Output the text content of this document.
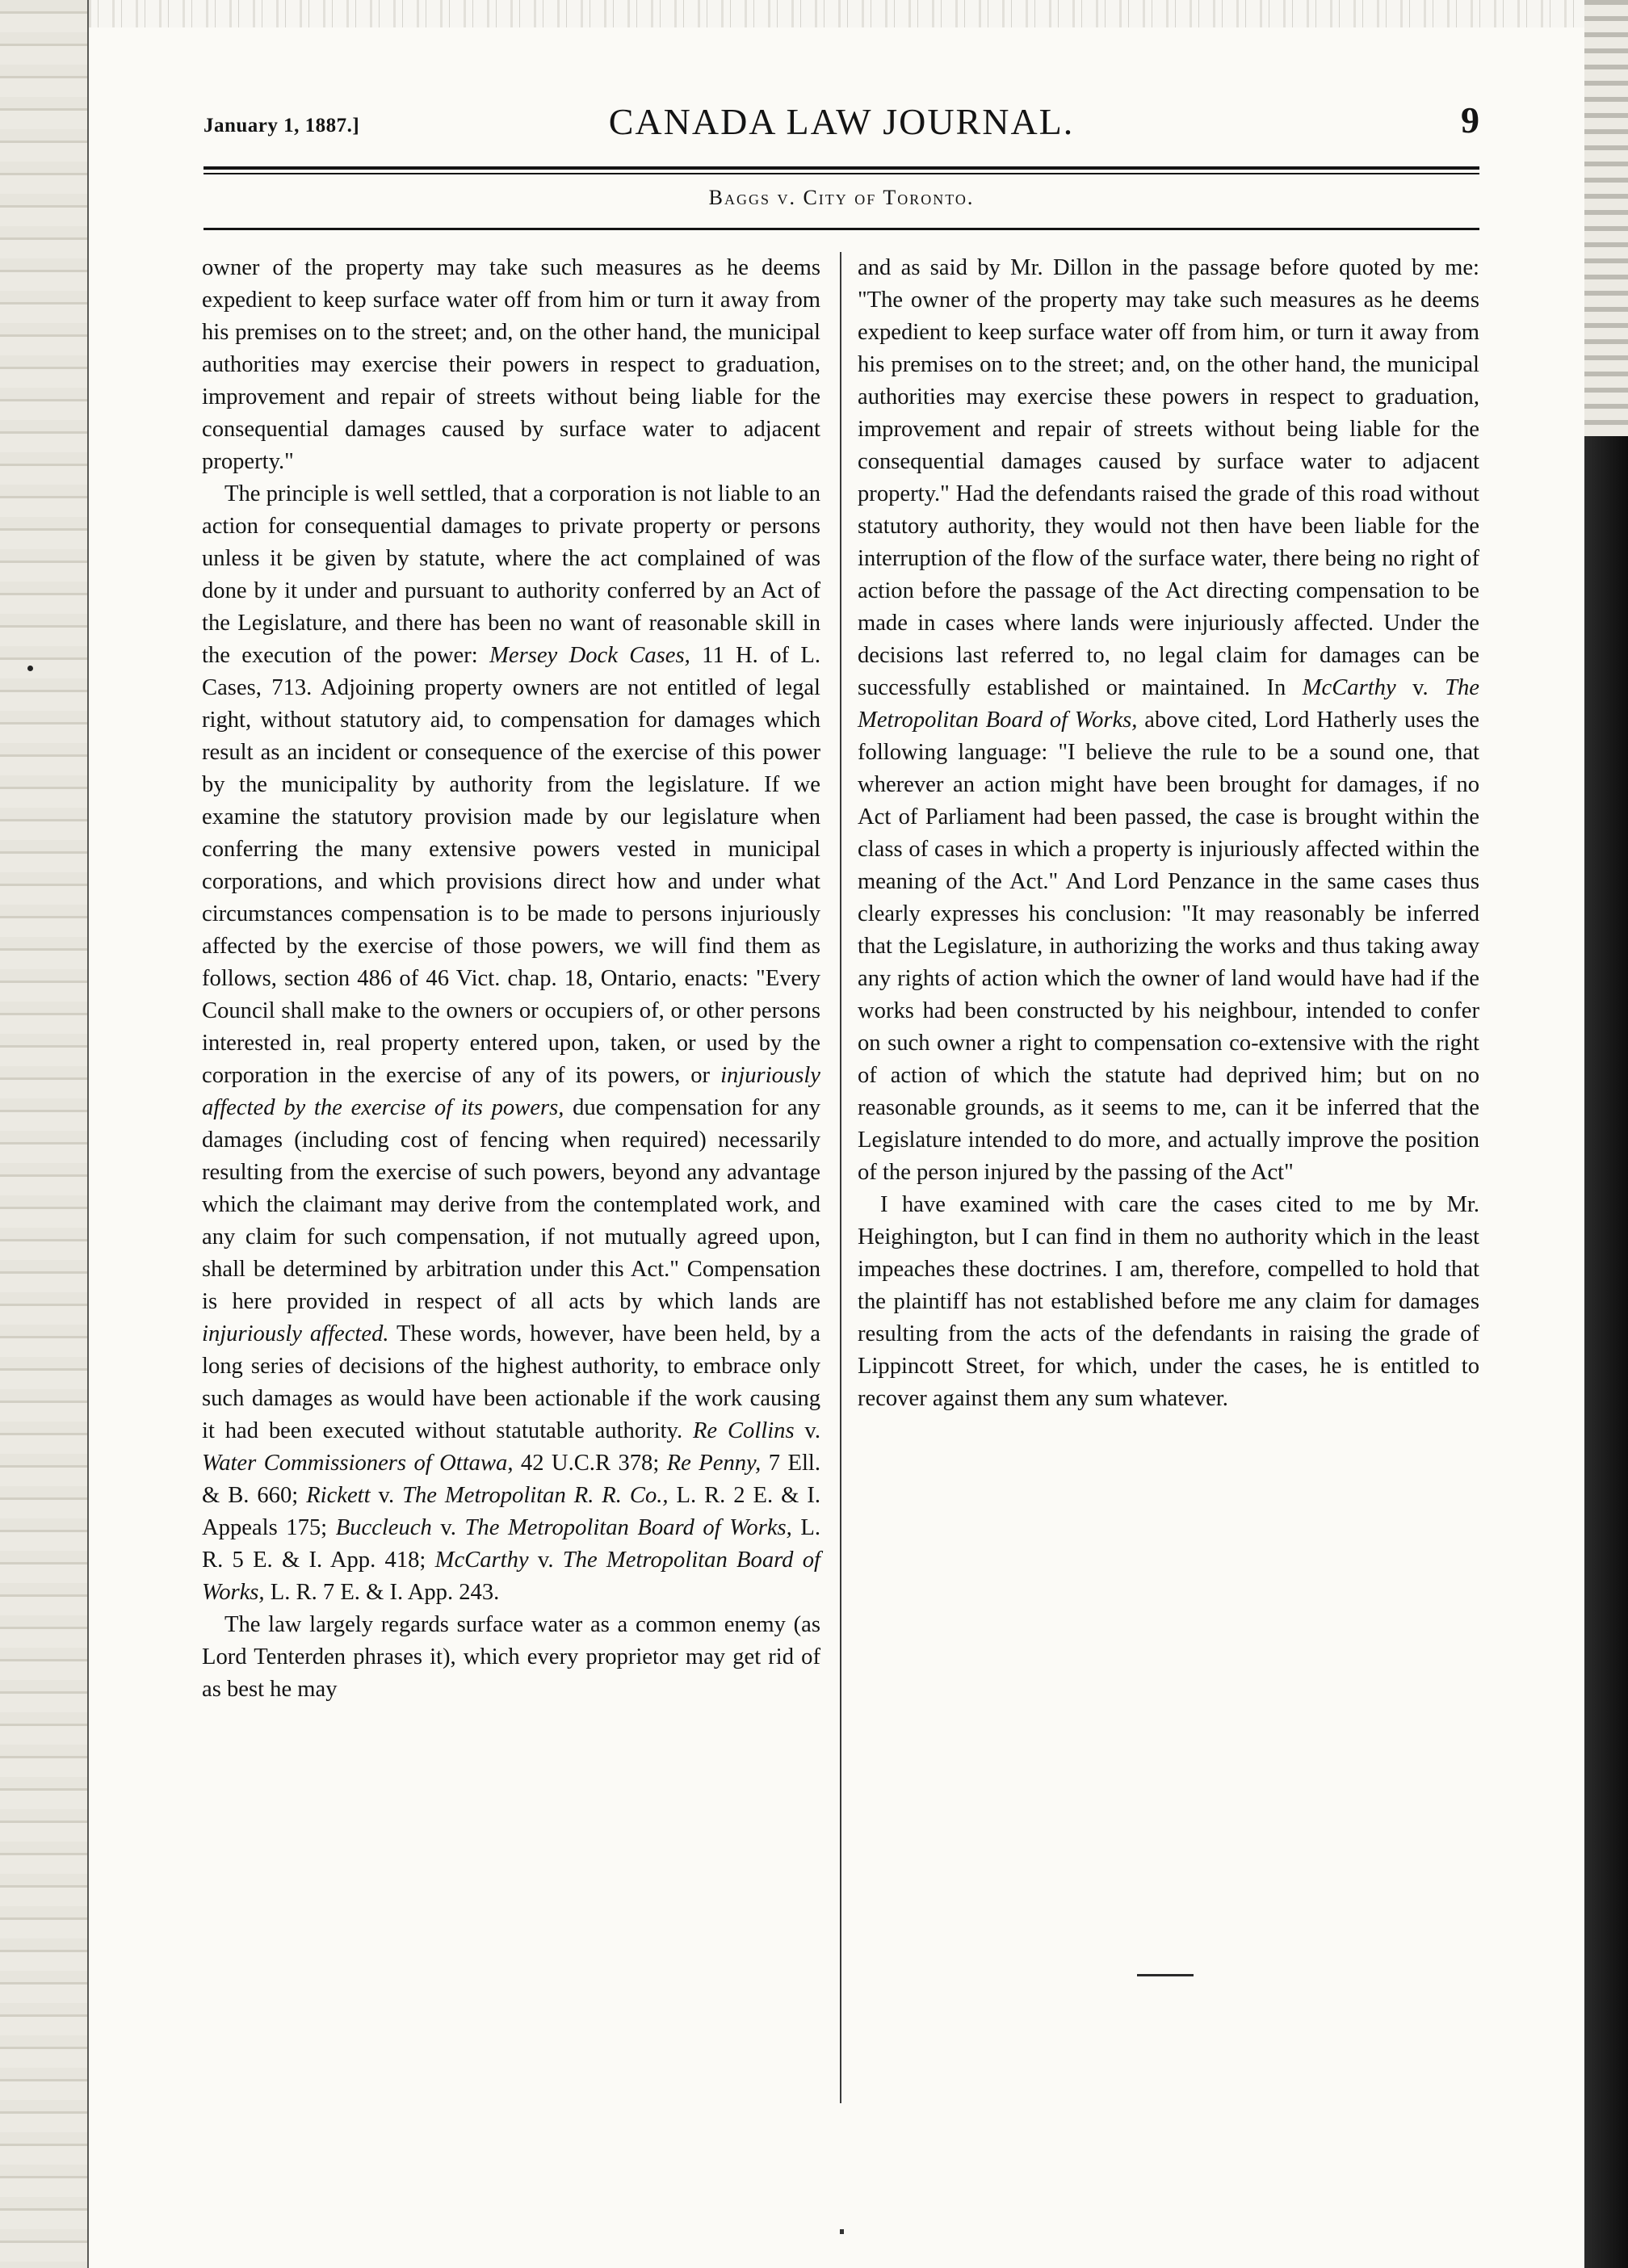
January 1, 1887.]	CANADA LAW JOURNAL.	9
Baggs v. City of Toronto.

owner of the property may take such measures as he deems expedient to keep surface water off from him or turn it away from his premises on to the street; and, on the other hand, the municipal authorities may exercise their powers in respect to graduation, improvement and repair of streets without being liable for the consequential damages caused by surface water to adjacent property."

The principle is well settled, that a corporation is not liable to an action for consequential damages to private property or persons unless it be given by statute, where the act complained of was done by it under and pursuant to authority conferred by an Act of the Legislature, and there has been no want of reasonable skill in the execution of the power: Mersey Dock Cases, 11 H. of L. Cases, 713. Adjoining property owners are not entitled of legal right, without statutory aid, to compensation for damages which result as an incident or consequence of the exercise of this power by the municipality by authority from the legislature. If we examine the statutory provision made by our legislature when conferring the many extensive powers vested in municipal corporations, and which provisions direct how and under what circumstances compensation is to be made to persons injuriously affected by the exercise of those powers, we will find them as follows, section 486 of 46 Vict. chap. 18, Ontario, enacts: "Every Council shall make to the owners or occupiers of, or other persons interested in, real property entered upon, taken, or used by the corporation in the exercise of any of its powers, or injuriously affected by the exercise of its powers, due compensation for any damages (including cost of fencing when required) necessarily resulting from the exercise of such powers, beyond any advantage which the claimant may derive from the contemplated work, and any claim for such compensation, if not mutually agreed upon, shall be determined by arbitration under this Act." Compensation is here provided in respect of all acts by which lands are injuriously affected. These words, however, have been held, by a long series of decisions of the highest authority, to embrace only such damages as would have been actionable if the work causing it had been executed without statutable authority. Re Collins v. Water Commissioners of Ottawa, 42 U.C.R 378; Re Penny, 7 Ell. & B. 660; Rickett v. The Metropolitan R. R. Co., L. R. 2 E. & I. Appeals 175; Buccleuch v. The Metropolitan Board of Works, L. R. 5 E. & I. App. 418; McCarthy v. The Metropolitan Board of Works, L. R. 7 E. & I. App. 243.

The law largely regards surface water as a common enemy (as Lord Tenterden phrases it), which every proprietor may get rid of as best he may

and as said by Mr. Dillon in the passage before quoted by me: "The owner of the property may take such measures as he deems expedient to keep surface water off from him, or turn it away from his premises on to the street; and, on the other hand, the municipal authorities may exercise these powers in respect to graduation, improvement and repair of streets without being liable for the consequential damages caused by surface water to adjacent property." Had the defendants raised the grade of this road without statutory authority, they would not then have been liable for the interruption of the flow of the surface water, there being no right of action before the passage of the Act directing compensation to be made in cases where lands were injuriously affected. Under the decisions last referred to, no legal claim for damages can be successfully established or maintained. In McCarthy v. The Metropolitan Board of Works, above cited, Lord Hatherly uses the following language: "I believe the rule to be a sound one, that wherever an action might have been brought for damages, if no Act of Parliament had been passed, the case is brought within the class of cases in which a property is injuriously affected within the meaning of the Act." And Lord Penzance in the same cases thus clearly expresses his conclusion: "It may reasonably be inferred that the Legislature, in authorizing the works and thus taking away any rights of action which the owner of land would have had if the works had been constructed by his neighbour, intended to confer on such owner a right to compensation co-extensive with the right of action of which the statute had deprived him; but on no reasonable grounds, as it seems to me, can it be inferred that the Legislature intended to do more, and actually improve the position of the person injured by the passing of the Act"

I have examined with care the cases cited to me by Mr. Heighington, but I can find in them no authority which in the least impeaches these doctrines. I am, therefore, compelled to hold that the plaintiff has not established before me any claim for damages resulting from the acts of the defendants in raising the grade of Lippincott Street, for which, under the cases, he is entitled to recover against them any sum whatever.
